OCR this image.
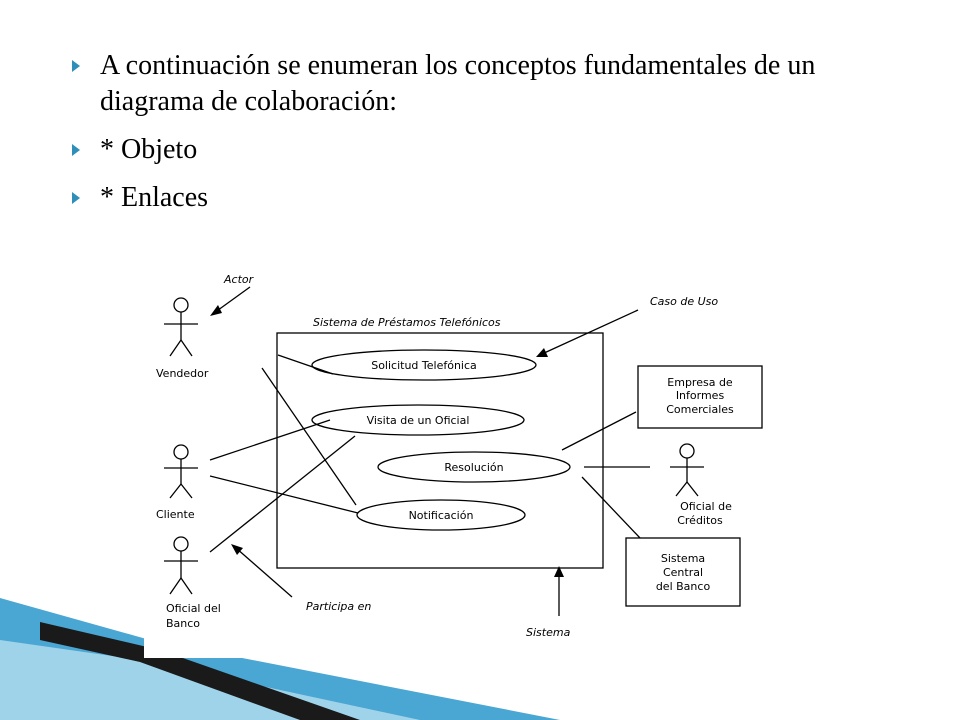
A continuación se enumeran los conceptos fundamentales de un diagrama de colaboración:
* Objeto
* Enlaces
Sistema de Préstamos Telefónicos
Actor
Caso de Uso
Participa en
Sistema
Solicitud Telefónica
Visita de un Oficial
Resolución
Notificación
Vendedor
Cliente
Oficial del
Banco
Oficial de
Créditos
Empresa de
Informes
Comerciales
Sistema
Central
del Banco
